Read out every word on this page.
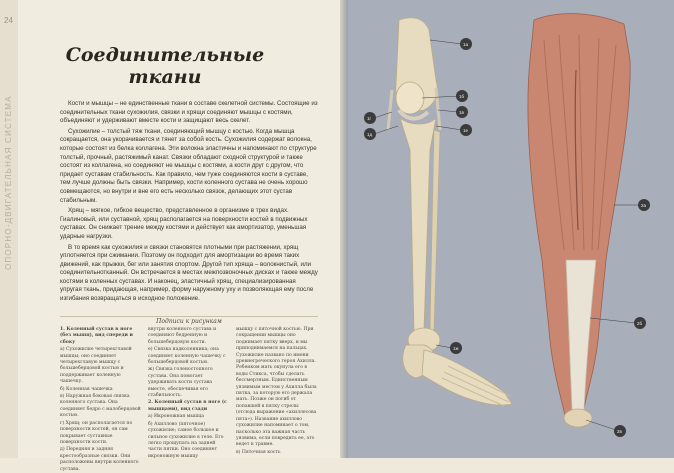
24
ОПОРНО-ДВИГАТЕЛЬНАЯ СИСТЕМА
Соединительные
ткани

Кости и мышцы – не единственные ткани в составе скелетной системы. Состоящие из соединительных ткани сухожилия, связки и хрящи соединяют мышцы с костями, объединяют и удерживают вместе кости и защищают весь скелет.

Сухожилие – толстый тяж ткани, соединяющий мышцу с костью. Когда мышца сокращается, она укорачивается и тянет за собой кость. Сухожилия содержат волокна, которые состоят из белка коллагена. Эти волокна эластичны и напоминают по структуре толстый, прочный, растяжимый канат. Связки обладают сходной структурой и также состоят из коллагена, но соединяют не мышцы с костями, а кости друг с другом, что придает суставам стабильность. Как правило, чем туже соединяются кости в суставе, тем лучше должны быть связки. Например, кости коленного сустава не очень хорошо совмещаются, но внутри и вне его есть несколько связок, делающих этот сустав стабильным.

Хрящ – мягкое, гибкое вещество, представленное в организме в трех видах. Гиалиновый, или суставной, хрящ располагается на поверхности костей в подвижных суставах. Он снижает трение между костями и действует как амортизатор, уменьшая ударные нагрузки.

В то время как сухожилия и связки становятся плотными при растяжении, хрящ уплотняется при сжимании. Поэтому он подходит для амортизации во время таких движений, как прыжки, бег или занятия спортом. Другой тип хряща – волокнистый, или соединительнотканный. Он встречается в местах межпозвоночных дисках и также между костями в коленных суставах. И наконец, эластичный хрящ, специализированная упругая ткань, придающая, например, форму наружному уху и позволяющая ему после изгибания возвращаться в исходное положение.

Подписи к рисункам

1. Коленный сустав в ноге (без мышц), вид спереди и сбоку

а) Сухожилие четырехглавой мышцы; оно соединяет четырехглавую мышцу с большеберцовой костью и поддерживает коленную чашечку.

б) Коленная чашечка

в) Наружная боковая связка коленного сустава. Она соединяет бедро с малоберцовой костью.

г) Хрящ; он располагается по поверхности костей, он сам покрывает суставные поверхности кости.

д) Передняя и задняя крестообразные связки. Они расположены внутри коленного сустава.

внутри коленного сустава и соединяют бедренную и большеберцовую кости.

е) Связка надколенника; она соединяет коленную чашечку с большеберцовой костью.

ж) Связка голеностопного сустава. Она помогает удерживать кости сустава вместе, обеспечивая его стабильность.

2. Коленный сустав в ноге (с мышцами), вид сзади

а) Икроножная мышца

б) Ахиллово (пяточное) сухожилие; самое большое и сильное сухожилие в теле. Его легко прощупать на задней части пятки. Оно соединяет икроножную мышцу

мышцу с пяточной костью. При сокращении мышцы оно поднимает пятку вверх, и мы приподнимаемся на пальцах. Сухожилие названо по имени древнегреческого героя Ахилла. Ребенком мать окунула его в воды Стикса, чтобы сделать бессмертным. Единственным уязвимым местом у Ахилла была пятка, за которую его держала мать. Позже он погиб от попавшей в пятку стрелы (отсюда выражение «ахиллесова пята»). Название ахиллово сухожилие напоминает о том, насколько эта важная часть уязвима, если повредить ее, это ведет к травме.

в) Пяточная кость

1а
1б
1в
1г
1д
1е
1ж
2а
2б
2в
